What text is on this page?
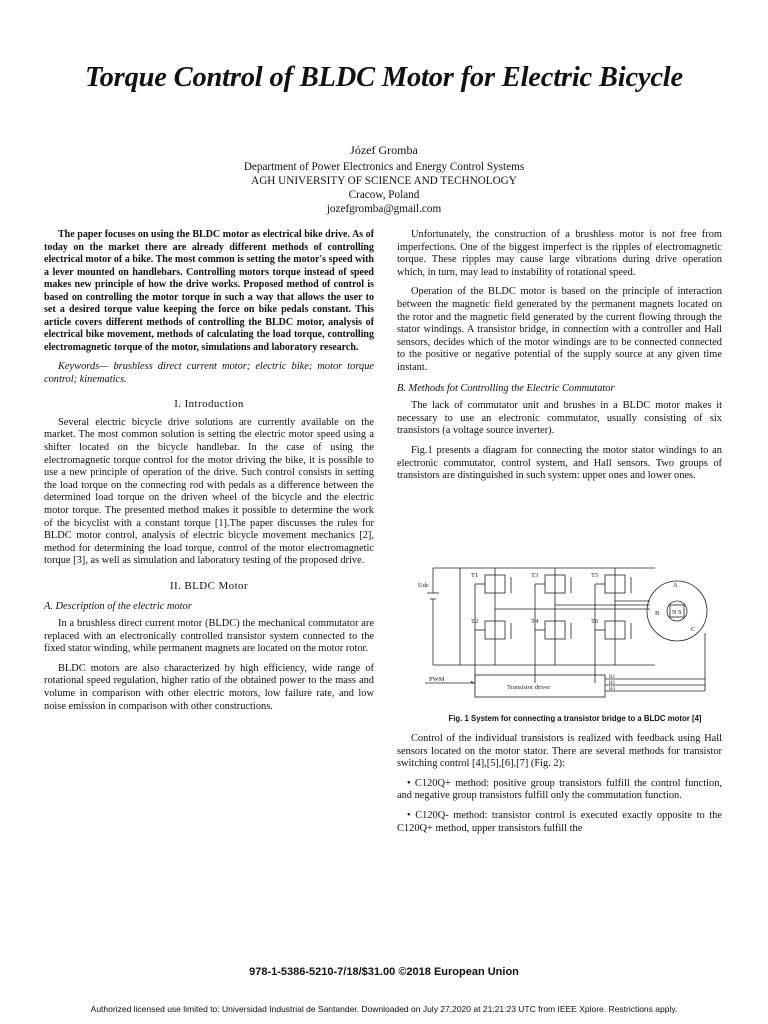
Torque Control of BLDC Motor for Electric Bicycle
Józef Gromba
Department of Power Electronics and Energy Control Systems
AGH UNIVERSITY OF SCIENCE AND TECHNOLOGY
Cracow, Poland
jozefgromba@gmail.com

The paper focuses on using the BLDC motor as electrical bike drive. As of today on the market there are already different methods of controlling electrical motor of a bike. The most common is setting the motor's speed with a lever mounted on handlebars. Controlling motors torque instead of speed makes new principle of how the drive works. Proposed method of control is based on controlling the motor torque in such a way that allows the user to set a desired torque value keeping the force on bike pedals constant. This article covers different methods of controlling the BLDC motor, analysis of electrical bike movement, methods of calculating the load torque, controlling electromagnetic torque of the motor, simulations and laboratory research.

Keywords— brushless direct current motor; electric bike; motor torque control; kinematics.

I. Introduction

Several electric bicycle drive solutions are currently available on the market. The most common solution is setting the electric motor speed using a shifter located on the bicycle handlebar. In the case of using the electromagnetic torque control for the motor driving the bike, it is possible to use a new principle of operation of the drive. Such control consists in setting the load torque on the connecting rod with pedals as a difference between the determined load torque on the driven wheel of the bicycle and the electric motor torque. The presented method makes it possible to determine the work of the bicyclist with a constant torque [1].The paper discusses the rules for BLDC motor control, analysis of electric bicycle movement mechanics [2], method for determining the load torque, control of the motor electromagnetic torque [3], as well as simulation and laboratory testing of the proposed drive.

II. BLDC Motor

A. Description of the electric motor

In a brushless direct current motor (BLDC) the mechanical commutator are replaced with an electronically controlled transistor system connected to the fixed stator winding, while permanent magnets are located on the motor rotor.

BLDC motors are also characterized by high efficiency, wide range of rotational speed regulation, higher ratio of the obtained power to the mass and volume in comparison with other electric motors, low failure rate, and low noise emission in comparison with other constructions.

Unfortunately, the construction of a brushless motor is not free from imperfections. One of the biggest imperfect is the ripples of electromagnetic torque. These ripples may cause large vibrations during drive operation which, in turn, may lead to instability of rotational speed.

Operation of the BLDC motor is based on the principle of interaction between the magnetic field generated by the permanent magnets located on the rotor and the magnetic field generated by the current flowing through the stator windings. A transistor bridge, in connection with a controller and Hall sensors, decides which of the motor windings are to be connected connected to the positive or negative potential of the supply source at any given time instant.

B. Methods fot Controlling the Electric Commutator

The lack of commutator unit and brushes in a BLDC motor makes it necessary to use an electronic commutator, usually consisting of six transistors (a voltage source inverter).

Fig.1 presents a diagram for connecting the motor stator windings to an electronic commutator, control system, and Hall sensors. Two groups of transistors are distinguished in such system: upper ones and lower ones.

T1	T3	T5
T2	T4	T6
Udc
PWM
Transistor driver
A
B
C
N S
H1
H2
H3
Fig. 1 System for connecting a transistor bridge to a BLDC motor [4]

Control of the individual transistors is realized with feedback using Hall sensors located on the motor stator. There are several methods for transistor switching control [4],[5],[6],[7] (Fig. 2):

• C120Q+ method: positive group transistors fulfill the control function, and negative group transistors fulfill only the commutation function.

• C120Q- method: transistor control is executed exactly opposite to the C120Q+ method, upper transistors fulfill the

978-1-5386-5210-7/18/$31.00 ©2018 European Union
Authorized licensed use limited to: Universidad Industrial de Santander. Downloaded on July 27,2020 at 21:21:23 UTC from IEEE Xplore. Restrictions apply.
